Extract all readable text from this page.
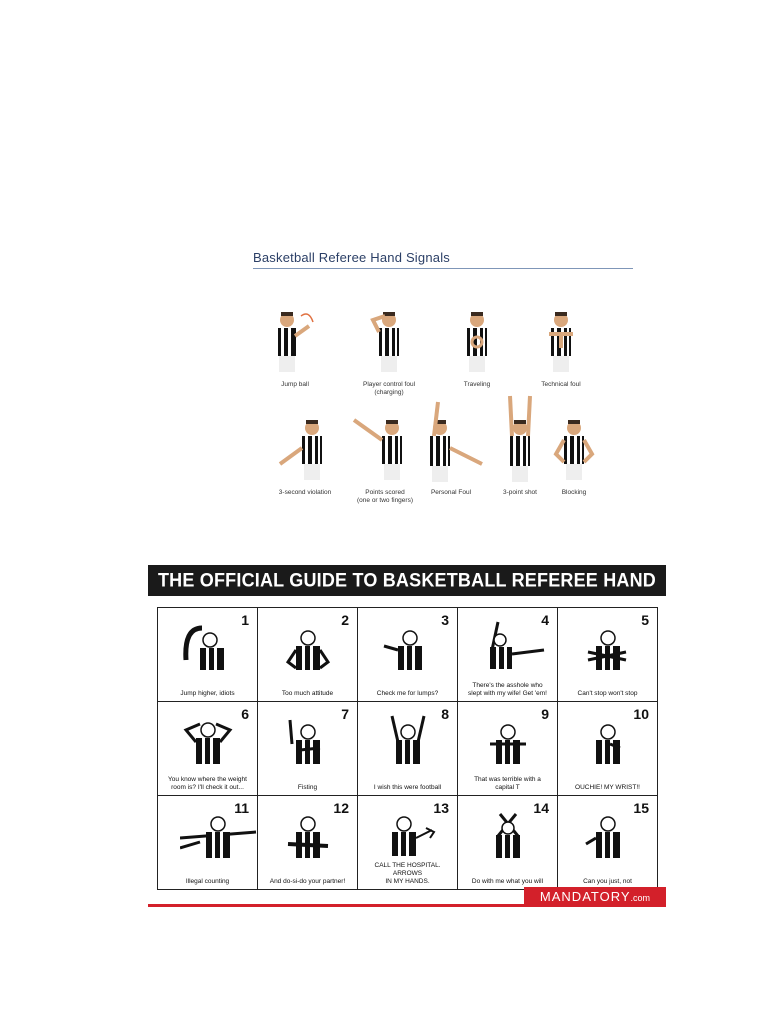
Basketball Referee Hand Signals
Jump ball	Player control foul
(charging)
Traveling	Technical foul
3-second violation	Points scored
(one or two fingers)
Personal Foul	3-point shot	Blocking
THE OFFICIAL GUIDE TO BASKETBALL REFEREE HAND SIGNALS
1
Jump higher, idiots
2
Too much attitude
3
Check me for lumps?
4
There's the asshole who
slept with my wife! Get 'em!
5
Can't stop won't stop
6
You know where the weight
room is? I'll check it out...
7
Fisting
8
I wish this were football
9
That was terrible with a
capital T
10
OUCHIE! MY WRIST!!
11
Illegal counting
12
And do-si-do your partner!
13
CALL THE HOSPITAL. ARROWS
IN MY HANDS.
14
Do with me what you will
15
Can you just, not
MANDATORY.com
